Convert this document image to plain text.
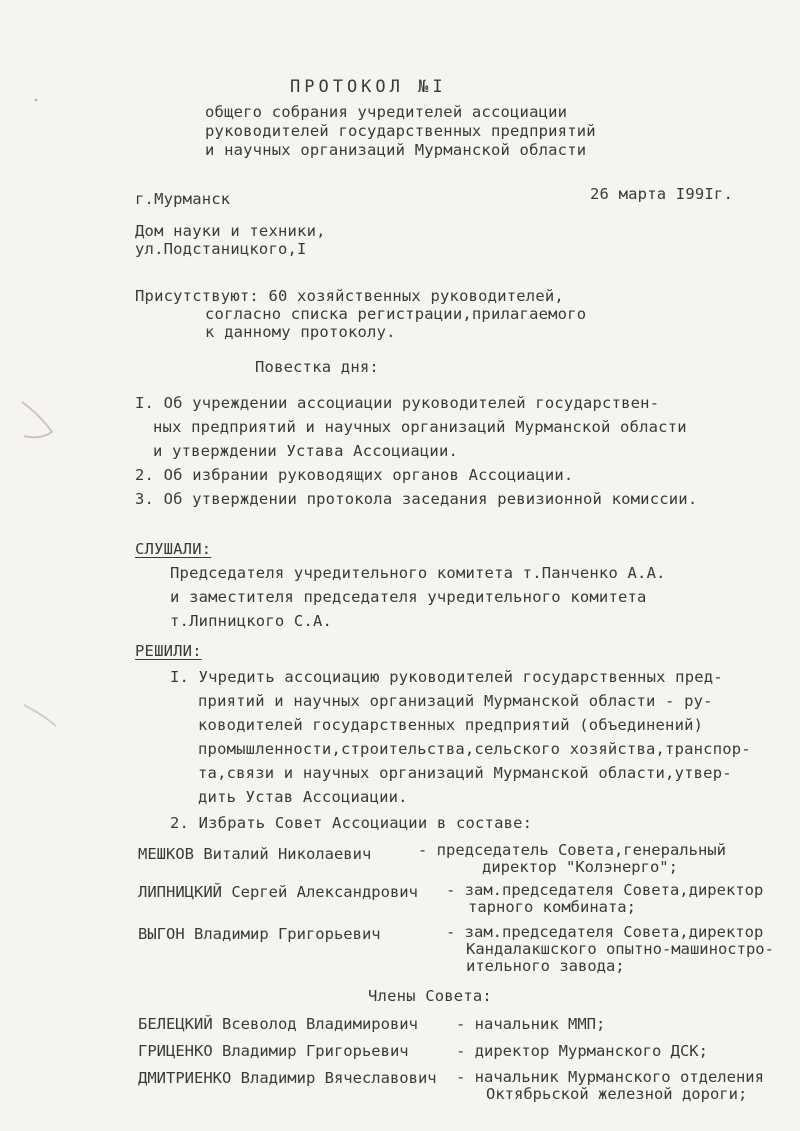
ПРОТОКОЛ №I
общего собрания учредителей ассоциации
руководителей государственных предприятий
и научных организаций Мурманской области
г.Мурманск	26 марта I99Iг.
Дом науки и техники,
ул.Подстаницкого,I
Присутствуют: 60 хозяйственных руководителей,
согласно списка регистрации,прилагаемого
к данному протоколу.
Повестка дня:
I. Об учреждении ассоциации руководителей государствен-
ных предприятий и научных организаций Мурманской области
и утверждении Устава Ассоциации.
2. Об избрании руководящих органов Ассоциации.
3. Об утверждении протокола заседания ревизионной комиссии.
СЛУШАЛИ:
Председателя учредительного комитета т.Панченко А.А.
и заместителя председателя учредительного комитета
т.Липницкого С.А.
РЕШИЛИ:
I. Учредить ассоциацию руководителей государственных пред-
приятий и научных организаций Мурманской области - ру-
ководителей государственных предприятий (объединений)
промышленности,строительства,сельского хозяйства,транспор-
та,связи и научных организаций Мурманской области,утвер-
дить Устав Ассоциации.
2. Избрать Совет Ассоциации в составе:
МЕШКОВ Виталий Николаевич	- председатель Совета,генеральный
директор "Колэнерго";
ЛИПНИЦКИЙ Сергей Александрович - зам.председателя Совета,директор
тарного комбината;
ВЫГОН Владимир Григорьевич	- зам.председателя Совета,директор
Кандалакшского опытно-машиностро-
ительного завода;
Члены Совета:
БЕЛЕЦКИЙ Всеволод Владимирович - начальник ММП;
ГРИЦЕНКО Владимир Григорьевич	- директор Мурманского ДСК;
ДМИТРИЕНКО Владимир Вячеславович - начальник Мурманского отделения
Октябрьской железной дороги;
